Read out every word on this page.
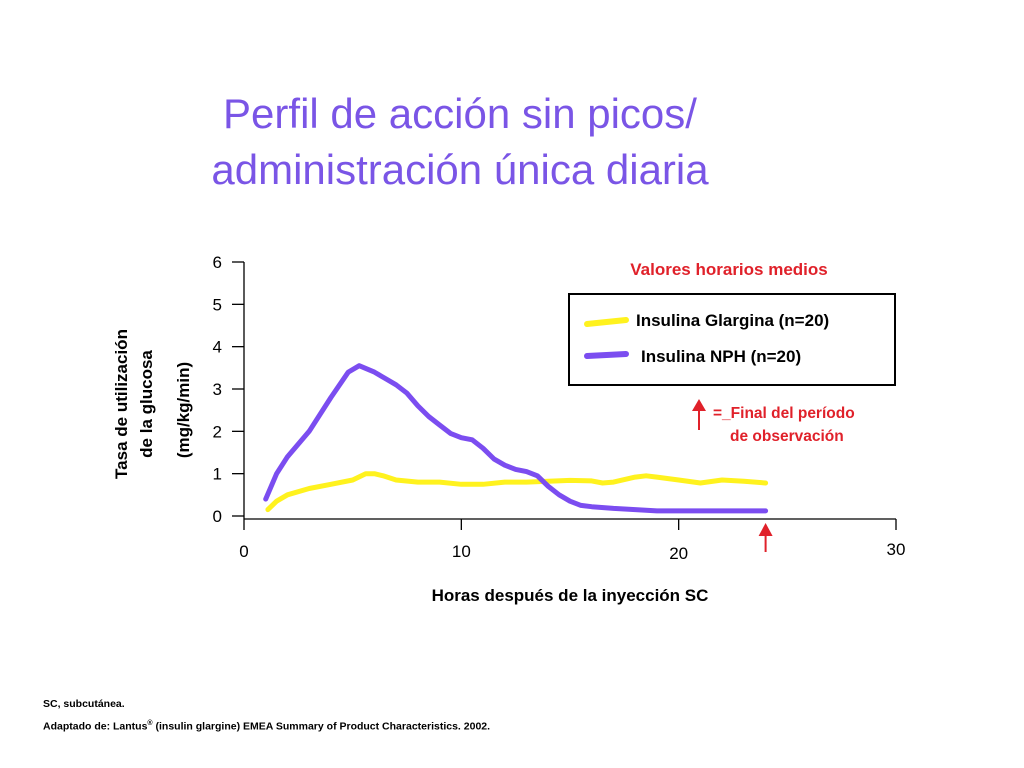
Perfil de acción sin picos/
administración única diaria
0
1
2
3
4
5
6
0	10	20	30
Tasa de utilización de la glucosa (mg/kg/min)
Horas después de la inyección SC
Valores horarios medios
Insulina Glargina (n=20)
Insulina NPH (n=20)
=_Final del período
de observación
SC, subcutánea.
Adaptado de: Lantus® (insulin glargine) EMEA Summary of Product Characteristics. 2002.
